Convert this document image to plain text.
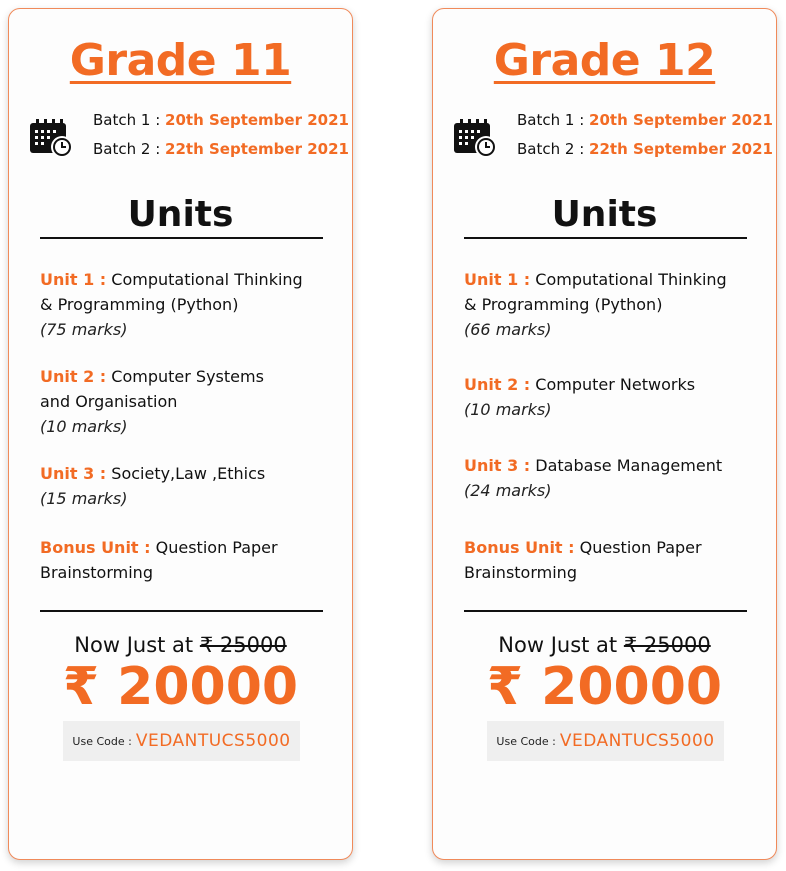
Grade 11
Batch 1 : 20th September 2021
Batch 2 : 22th September 2021
Units
Unit 1 : Computational Thinking
& Programming (Python)
(75 marks)
Unit 2 : Computer Systems
and Organisation
(10 marks)
Unit 3 : Society,Law ,Ethics
(15 marks)
Bonus Unit : Question Paper
Brainstorming
Now Just at ₹ 25000
₹ 20000
Use Code : VEDANTUCS5000
Grade 12
Batch 1 : 20th September 2021
Batch 2 : 22th September 2021
Units
Unit 1 : Computational Thinking
& Programming (Python)
(66 marks)
Unit 2 : Computer Networks
(10 marks)
Unit 3 : Database Management
(24 marks)
Bonus Unit : Question Paper
Brainstorming
Now Just at ₹ 25000
₹ 20000
Use Code : VEDANTUCS5000
